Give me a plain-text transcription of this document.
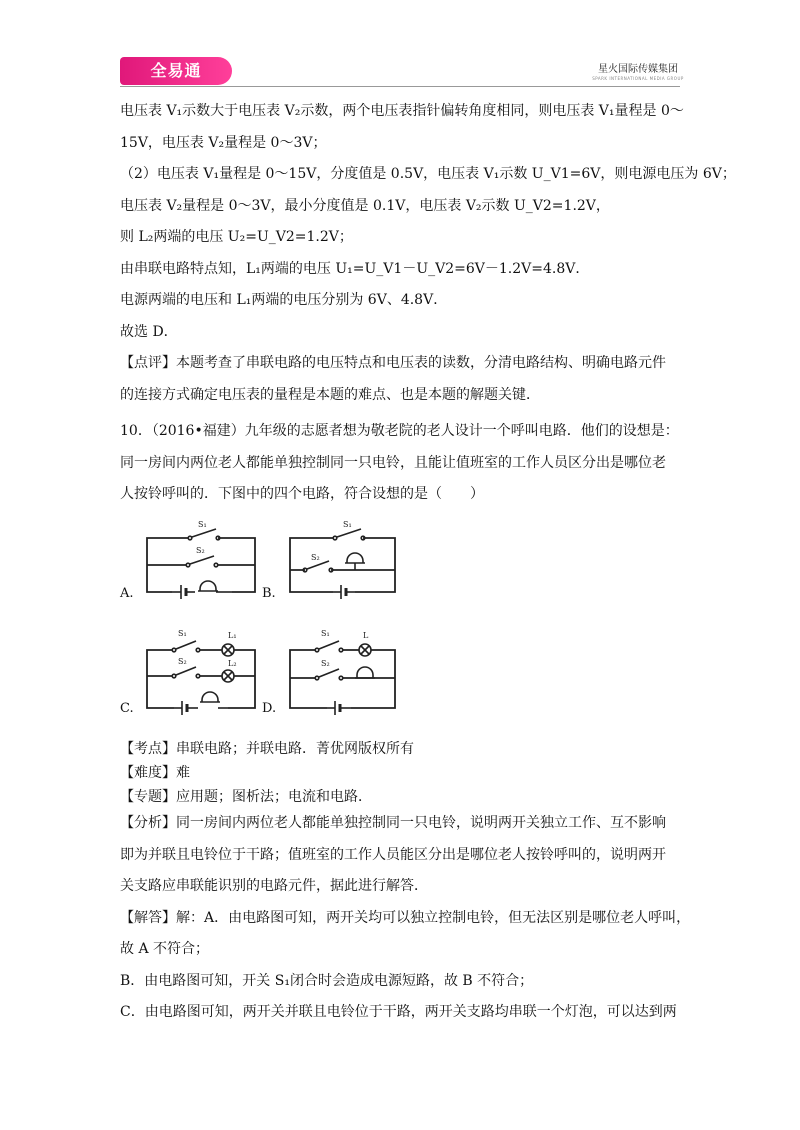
全易通	星火国际传媒集团
SPARK INTERNATIONAL MEDIA GROUP

电压表 V₁示数大于电压表 V₂示数，两个电压表指针偏转角度相同，则电压表 V₁量程是 0～

15V，电压表 V₂量程是 0～3V；

（2）电压表 V₁量程是 0～15V，分度值是 0.5V，电压表 V₁示数 U_V1=6V，则电源电压为 6V；

电压表 V₂量程是 0～3V，最小分度值是 0.1V，电压表 V₂示数 U_V2=1.2V，

则 L₂两端的电压 U₂=U_V2=1.2V；

由串联电路特点知，L₁两端的电压 U₁=U_V1－U_V2=6V－1.2V=4.8V．

电源两端的电压和 L₁两端的电压分别为 6V、4.8V．

故选 D．

【点评】本题考查了串联电路的电压特点和电压表的读数，分清电路结构、明确电路元件

的连接方式确定电压表的量程是本题的难点、也是本题的解题关键．

10．（2016•福建）九年级的志愿者想为敬老院的老人设计一个呼叫电路．他们的设想是：

同一房间内两位老人都能单独控制同一只电铃，且能让值班室的工作人员区分出是哪位老

人按铃呼叫的．下图中的四个电路，符合设想的是（　　）

A.
S₁
S₂
B.
S₁
S₂
C.
S₁
S₂
L₁
L₂
D.
S₁
S₂
L

【考点】串联电路；并联电路．菁优网版权所有

【难度】难

【专题】应用题；图析法；电流和电路．

【分析】同一房间内两位老人都能单独控制同一只电铃，说明两开关独立工作、互不影响

即为并联且电铃位于干路；值班室的工作人员能区分出是哪位老人按铃呼叫的，说明两开

关支路应串联能识别的电路元件，据此进行解答．

【解答】解：A．由电路图可知，两开关均可以独立控制电铃，但无法区别是哪位老人呼叫，

故 A 不符合；

B．由电路图可知，开关 S₁闭合时会造成电源短路，故 B 不符合；

C．由电路图可知，两开关并联且电铃位于干路，两开关支路均串联一个灯泡，可以达到两
